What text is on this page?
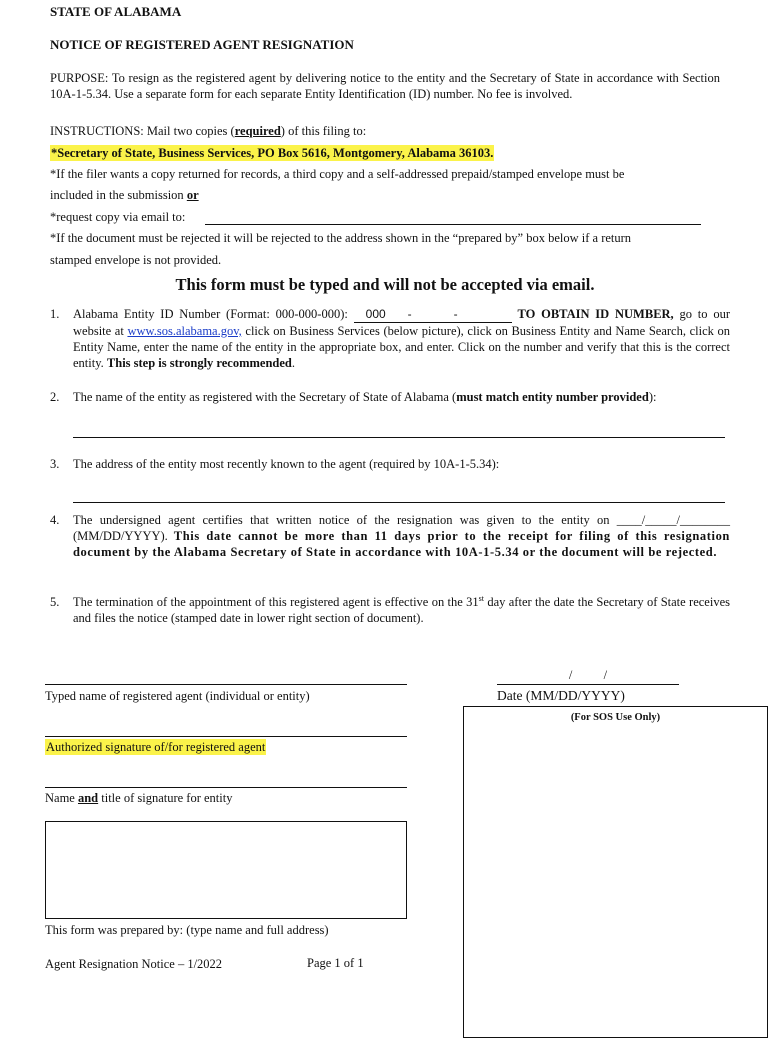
STATE OF ALABAMA
NOTICE OF REGISTERED AGENT RESIGNATION
PURPOSE: To resign as the registered agent by delivering notice to the entity and the Secretary of State in accordance with Section 10A-1-5.34. Use a separate form for each separate Entity Identification (ID) number. No fee is involved.
INSTRUCTIONS: Mail two copies (required) of this filing to:
*Secretary of State, Business Services, PO Box 5616, Montgomery, Alabama 36103.
*If the filer wants a copy returned for records, a third copy and a self-addressed prepaid/stamped envelope must be
included in the submission or
*request copy via email to:
*If the document must be rejected it will be rejected to the address shown in the “prepared by” box below if a return
stamped envelope is not provided.
This form must be typed and will not be accepted via email.
1. Alabama Entity ID Number (Format: 000-000-000): 000 -	-	TO OBTAIN ID NUMBER, go to our website at www.sos.alabama.gov, click on Business Services (below picture), click on Business Entity and Name Search, click on Entity Name, enter the name of the entity in the appropriate box, and enter. Click on the number and verify that this is the correct entity. This step is strongly recommended.
2. The name of the entity as registered with the Secretary of State of Alabama (must match entity number provided):
3. The address of the entity most recently known to the agent (required by 10A-1-5.34):
4. The undersigned agent certifies that written notice of the resignation was given to the entity on ____/_____/________ (MM/DD/YYYY). This date cannot be more than 11 days prior to the receipt for filing of this resignation document by the Alabama Secretary of State in accordance with 10A-1-5.34 or the document will be rejected.
5. The termination of the appointment of this registered agent is effective on the 31st day after the date the Secretary of State receives and files the notice (stamped date in lower right section of document).
Typed name of registered agent (individual or entity)
/          /
Date (MM/DD/YYYY)
(For SOS Use Only)
Authorized signature of/for registered agent
Name and title of signature for entity
This form was prepared by: (type name and full address)
Agent Resignation Notice – 1/2022	Page 1 of 1
